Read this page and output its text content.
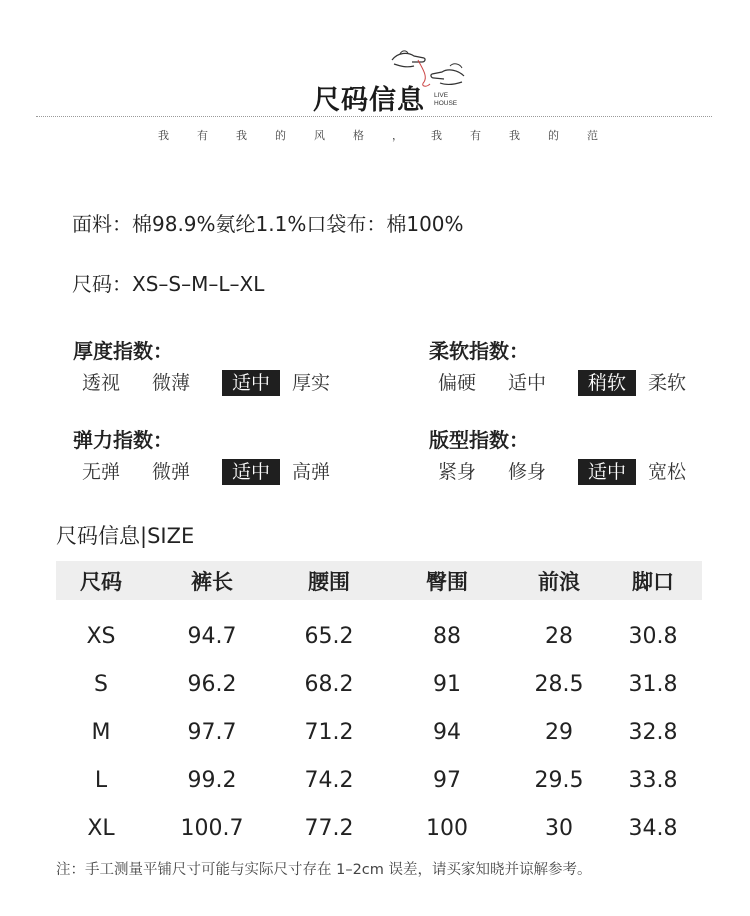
尺码信息	LIVE
HOUSE
我	有	我	的	风	格	，	我	有	我	的	范
面料：棉98.9%氨纶1.1%口袋布：棉100%
尺码：XS–S–M–L–XL
厚度指数：
透视	微薄	适中	厚实
柔软指数：
偏硬	适中	稍软	柔软
弹力指数：
无弹	微弹	适中	高弹
版型指数：
紧身	修身	适中	宽松
尺码信息|SIZE
尺码	裤长	腰围	臀围	前浪	脚口
XS	94.7	65.2	88	28	30.8
S	96.2	68.2	91	28.5	31.8
M	97.7	71.2	94	29	32.8
L	99.2	74.2	97	29.5	33.8
XL	100.7	77.2	100	30	34.8
注：手工测量平铺尺寸可能与实际尺寸存在 1–2cm 误差，请买家知晓并谅解参考。
